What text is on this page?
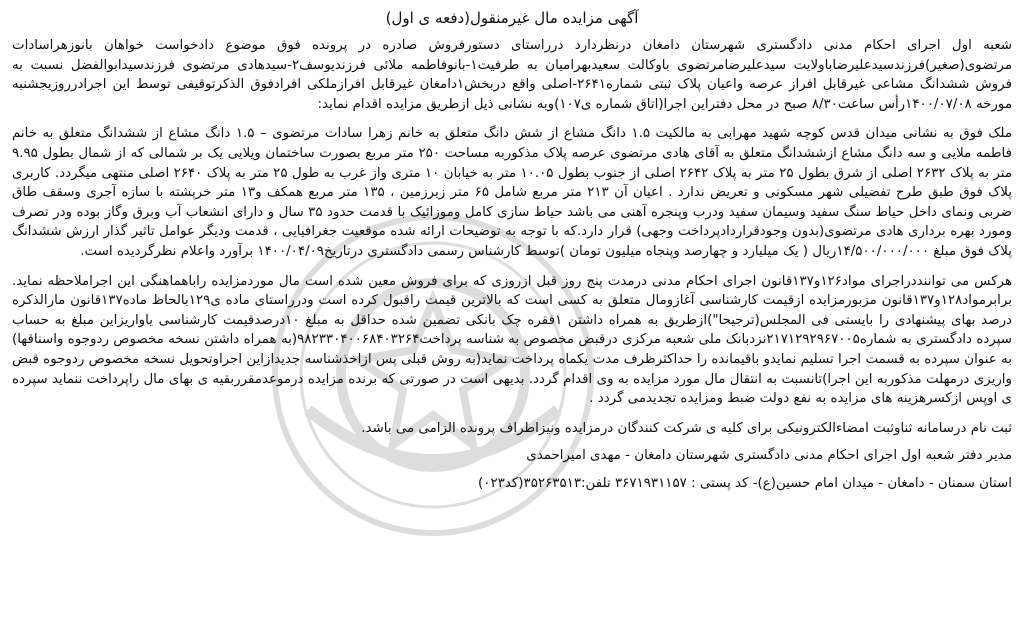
آگهی مزایده مال غیرمنقول(دفعه ی اول)

شعبه اول اجرای احکام مدنی دادگستری شهرستان دامغان درنظردارد درراستای دستورفروش صادره در پرونده فوق موضوع دادخواست خواهان بانوزهراسادات مرتضوی(صغیر)فرزندسیدعلیرضاباولایت سیدعلیرضامرتضوی باوکالت سعیدبهرامیان به طرفیت۱-بانوفاطمه ملائی فرزندیوسف۲-سیدهادی مرتضوی فرزندسیدابوالفضل نسبت به فروش ششدانگ مشاعی غیرقابل افراز عرصه واعیان پلاک ثبتی شماره۲۶۴۱-اصلی واقع دربخش۱دامغان غیرقابل افرازملکی افرادفوق الذکرتوقیفی توسط این اجرادرروزیجشنبه مورخه ۱۴۰۰/۰۷/۰۸رأس ساعت۸/۳۰ صبح در محل دفتراین اجرا(اتاق شماره ی۱۰۷)وبه نشانی ذیل ازطریق مزایده اقدام نماید:

ملک فوق به نشانی میدان قدس کوچه شهید مهرابی به مالکیت ۱.۵ دانگ مشاع از شش دانگ متعلق به خانم زهرا سادات مرتضوی – ۱.۵ دانگ مشاع از ششدانگ متعلق به خانم فاطمه ملایی و سه دانگ مشاع ازششدانگ متعلق به آقای هادی مرتضوی عرصه پلاک مذکوربه مساحت ۲۵۰ متر مربع بصورت ساختمان ویلایی یک بر شمالی که از شمال بطول ۹.۹۵ متر به پلاک ۲۶۳۲ اصلی از شرق بطول ۲۵ متر به پلاک ۲۶۴۲ اصلی از جنوب بطول ۱۰.۰۵ متر به خیابان ۱۰ متری واز غرب به طول ۲۵ متر به پلاک ۲۶۴۰ اصلی منتهی میگردد. کاربری پلاک فوق طبق طرح تفضیلی شهر مسکونی و تعریض ندارد . اعیان آن ۲۱۳ متر مربع شامل ۶۵ متر زیرزمین ، ۱۳۵ متر مربع همکف و۱۳ متر خرپشته با سازه آجری وسقف طاق ضربی ونمای داخل حیاط سنگ سفید وسیمان سفید ودرب وپنجره آهنی می باشد حیاط سازی کامل وموزائیک با قدمت حدود ۳۵ سال و دارای انشعاب آب وبرق وگاز بوده ودر تصرف ومورد بهره برداری هادی مرتضوی(بدون وجودقراردادپرداخت وجهی) قرار دارد.که با توجه به توضیحات ارائه شده موقعیت جغرافیایی ، قدمت ودیگر عوامل تاثیر گذار ارزش ششدانگ پلاک فوق مبلغ ۱۴/۵۰۰/۰۰۰/۰۰۰ریال ( یک میلیارد و چهارصد وپنجاه میلیون تومان )توسط کارشناس رسمی دادگستری درتاریخ۱۴۰۰/۰۴/۰۹ برآورد واعلام نظرگردیده است.

هرکس می تواننددراجرای مواد۱۲۶و۱۳۷قانون اجرای احکام مدنی درمدت پنج روز قبل ازروزی که برای فروش معین شده است مال موردمزایده راباهماهنگی این اجراملاحظه نماید. برابرمواد۱۲۸و۱۳۷قانون مزبورمزایده ازقیمت کارشناسی آغازومال متعلق به کسی است که بالاترین قیمت راقبول کرده است ودرراستای ماده ی۱۲۹بالحاظ ماده۱۳۷قانون مارالذکره درصد بهای پیشنهادی را بایستی فی المجلس(ترجیحا")ازطریق به همراه داشتن ۱فقره چک بانکی تضمین شده حداقل به مبلغ ۱۰درصدقیمت کارشناسی یاواریزاین مبلغ به حساب سپرده دادگستری به شماره۲۱۷۱۲۹۲۹۶۷۰۰۵نزدبانک ملی شعبه مرکزی درقبض مخصوص به شناسه پرداخت۹۸۲۳۳۰۴۰۰۶۸۴۰۳۲۶۴(به همراه داشتن نسخه مخصوص ردوجوه واسناقها) به عنوان سپرده به قسمت اجرا تسلیم نمایدو باقیمانده را حداکثرظرف مدت یکماه پرداخت نماید(به روش قبلی پس ازاخذشناسه جدیدازاین اجراوتحویل نسخه مخصوص ردوجوه قبض واریزی درمهلت مذکوربه این اجرا)تانسبت به انتقال مال مورد مزایده به وی اقدام گردد. بدیهی است در صورتی که برنده مزایده درموعدمقرربقیه ی بهای مال راپرداخت ننماید سپرده ی اوپس ازکسرهزینه های مزایده به نفع دولت ضبط ومزایده تجدیدمی گردد .

ثبت نام درسامانه ثناوثبت امضاءالکترونیکی برای کلیه ی شرکت کنندگان درمزایده ونیزاطراف پرونده الزامی می باشد.

مدیر دفتر شعبه اول اجرای احکام مدنی دادگستری شهرستان دامغان - مهدی امیراحمدی

استان سمنان - دامغان - میدان امام حسین(ع)- کد پستی : ۳۶۷۱۹۳۱۱۵۷ تلفن:۳۵۲۶۳۵۱۳(کد۰۲۳)
